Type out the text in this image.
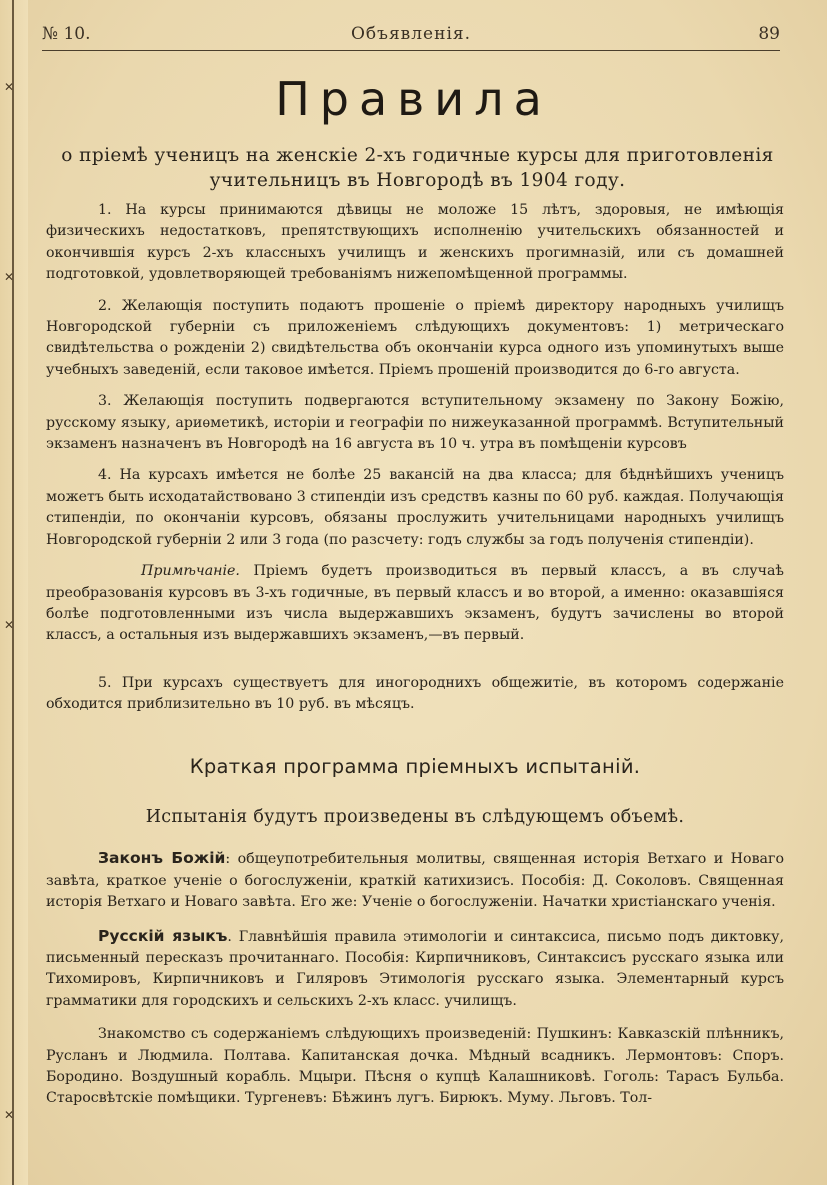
✕
✕
✕
✕
№ 10.	Объявленія.	89
Правила
о пріемѣ ученицъ на женскіе 2-хъ годичные курсы для приготовленія учительницъ въ Новгородѣ въ 1904 году.

1. На курсы принимаются дѣвицы не моложе 15 лѣтъ, здоровыя, не имѣющія физическихъ недостатковъ, препятствующихъ исполненію учительскихъ обязанностей и окончившія курсъ 2-хъ классныхъ училищъ и женскихъ прогимназій, или съ домашней подготовкой, удовлетворяющей требованіямъ нижепомѣщенной программы.

2. Желающія поступить подаютъ прошеніе о пріемѣ директору народныхъ училищъ Новгородской губерніи съ приложеніемъ слѣдующихъ документовъ: 1) метрическаго свидѣтельства о рожденіи 2) свидѣтельства объ окончаніи курса одного изъ упоминутыхъ выше учебныхъ заведеній, если таковое имѣется. Пріемъ прошеній производится до 6-го августа.

3. Желающія поступить подвергаются вступительному экзамену по Закону Божію, русскому языку, ариѳметикѣ, исторіи и географіи по нижеуказанной программѣ. Вступительный экзаменъ назначенъ въ Новгородѣ на 16 августа въ 10 ч. утра въ помѣщеніи курсовъ

4. На курсахъ имѣется не болѣе 25 вакансій на два класса; для бѣднѣйшихъ ученицъ можетъ быть исходатайствовано 3 стипендіи изъ средствъ казны по 60 руб. каждая. Получающія стипендіи, по окончаніи курсовъ, обязаны прослужить учительницами народныхъ училищъ Новгородской губерніи 2 или 3 года (по разсчету: годъ службы за годъ полученія стипендіи).

Примѣчаніе. Пріемъ будетъ производиться въ первый классъ, а въ случаѣ преобразованія курсовъ въ 3-хъ годичные, въ первый классъ и во второй, а именно: оказавшіяся болѣе подготовленными изъ числа выдержавшихъ экзаменъ, будутъ зачислены во второй классъ, а остальныя изъ выдержавшихъ экзаменъ,—въ первый.

5. При курсахъ существуетъ для иногороднихъ общежитіе, въ которомъ содержаніе обходится приблизительно въ 10 руб. въ мѣсяцъ.

Краткая программа пріемныхъ испытаній.
Испытанія будутъ произведены въ слѣдующемъ объемѣ.

Законъ Божій: общеупотребительныя молитвы, священная исторія Ветхаго и Новаго завѣта, краткое ученіе о богослуженіи, краткій катихизисъ. Пособія: Д. Соколовъ. Священная исторія Ветхаго и Новаго завѣта. Его же: Ученіе о богослуженіи. Начатки христіанскаго ученія.

Русскій языкъ. Главнѣйшія правила этимологіи и синтаксиса, письмо подъ диктовку, письменный пересказъ прочитаннаго. Пособія: Кирпичниковъ, Синтаксисъ русскаго языка или Тихомировъ, Кирпичниковъ и Гиляровъ Этимологія русскаго языка. Элементарный курсъ грамматики для городскихъ и сельскихъ 2-хъ класс. училищъ.

Знакомство съ содержаніемъ слѣдующихъ произведеній: Пушкинъ: Кавказскій плѣнникъ, Русланъ и Людмила. Полтава. Капитанская дочка. Мѣдный всадникъ. Лермонтовъ: Споръ. Бородино. Воздушный корабль. Мцыри. Пѣсня о купцѣ Калашниковѣ. Гоголь: Тарасъ Бульба. Старосвѣтскіе помѣщики. Тургеневъ: Бѣжинъ лугъ. Бирюкъ. Муму. Льговъ. Тол-
